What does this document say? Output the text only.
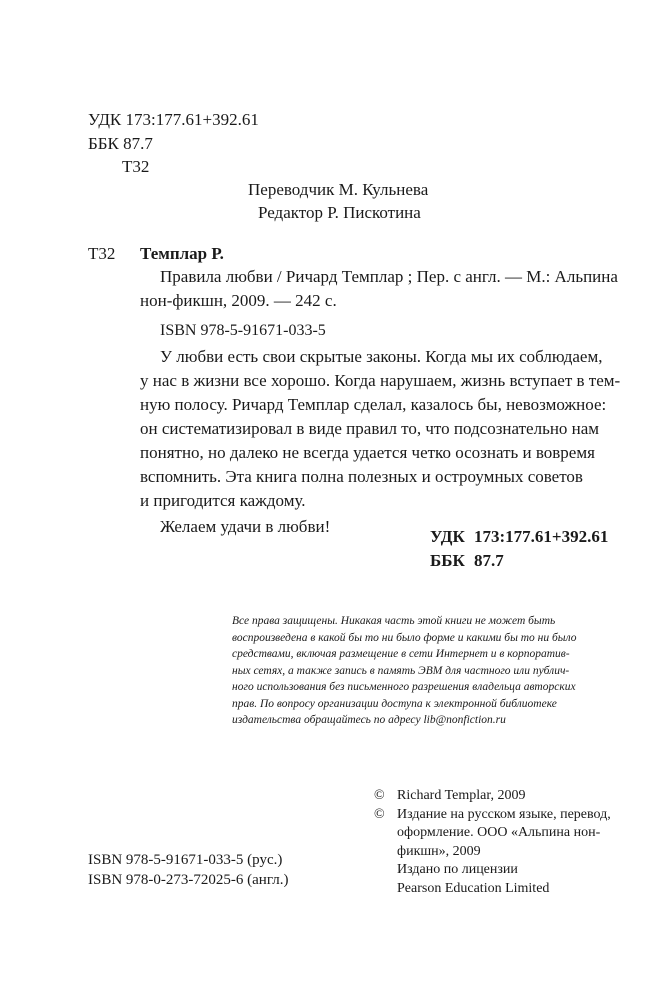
УДК 173:177.61+392.61
ББК 87.7
Т32
Переводчик М. Кульнева
Редактор Р. Пискотина
Т32 Темплар Р.
Правила любви / Ричард Темплар ; Пер. с англ. — М.: Альпина
нон-фикшн, 2009. — 242 с.
ISBN 978-5-91671-033-5
У любви есть свои скрытые законы. Когда мы их соблюдаем,
у нас в жизни все хорошо. Когда нарушаем, жизнь вступает в тем-
ную полосу. Ричард Темплар сделал, казалось бы, невозможное:
он систематизировал в виде правил то, что подсознательно нам
понятно, но далеко не всегда удается четко осознать и вовремя
вспомнить. Эта книга полна полезных и остроумных советов
и пригодится каждому.
Желаем удачи в любви!
УДК 173:177.61+392.61
ББК 87.7
Все права защищены. Никакая часть этой книги не может быть
воспроизведена в какой бы то ни было форме и какими бы то ни было
средствами, включая размещение в сети Интернет и в корпоратив-
ных сетях, а также запись в память ЭВМ для частного или публич-
ного использования без письменного разрешения владельца авторских
прав. По вопросу организации доступа к электронной библиотеке
издательства обращайтесь по адресу lib@nonfiction.ru
© Richard Templar, 2009
© Издание на русском языке, перевод,
оформление. ООО «Альпина нон-
фикшн», 2009
Издано по лицензии
Pearson Education Limited
ISBN 978-5-91671-033-5 (рус.)
ISBN 978-0-273-72025-6 (англ.)
